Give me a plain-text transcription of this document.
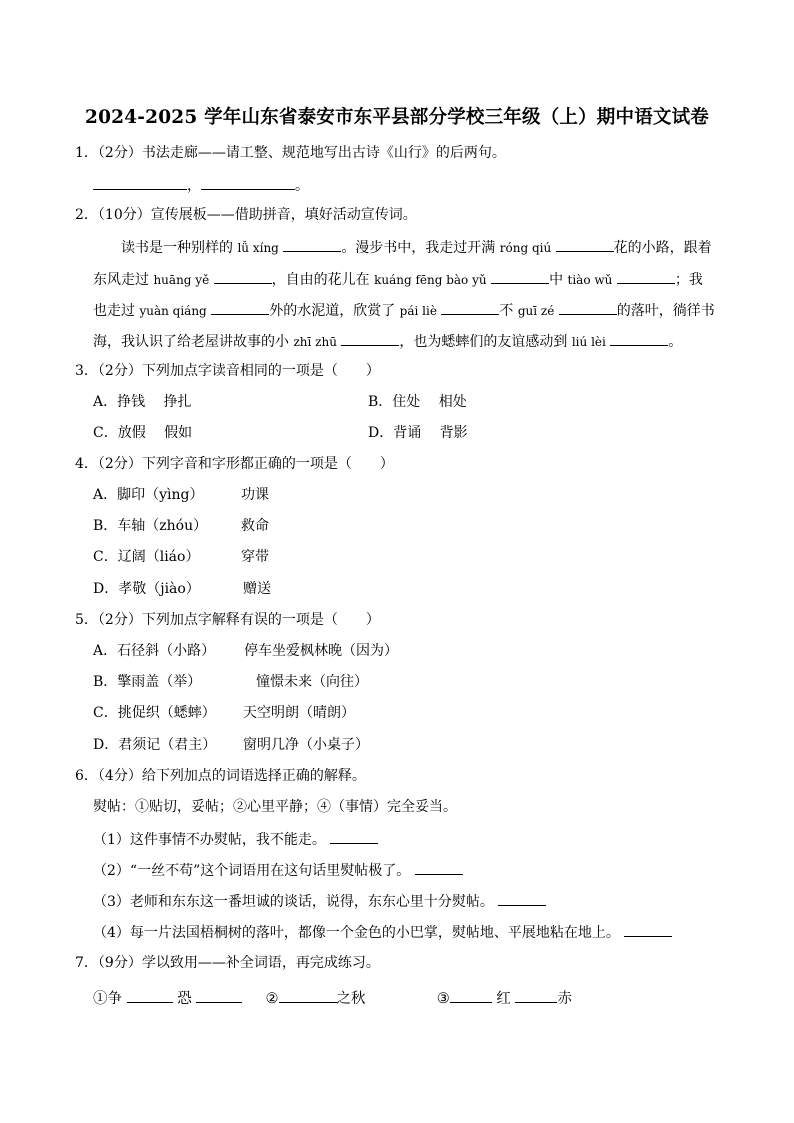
2024-2025 学年山东省泰安市东平县部分学校三年级（上）期中语文试卷
1．（2分）书法走廊——请工整、规范地写出古诗《山行》的后两句。
，	。
2．（10分）宣传展板——借助拼音，填好活动宣传词。
读书是一种别样的 lǚ xíng	。漫步书中，我走过开满 róng qiú	花的小路，跟着
东风走过 huāng yě	，自由的花儿在 kuáng fēng bào yǔ	中 tiào wǔ	；我
也走过 yuàn qiáng	外的水泥道，欣赏了 pái liè	不 guī zé	的落叶，徜徉书
海，我认识了给老屋讲故事的小 zhī zhū	，也为蟋蟀们的友谊感动到 liú lèi	。
3．（2分）下列加点字读音相同的一项是（　　）
A．挣钱　 挣扎	B．住处　 相处
C．放假　 假如	D．背诵　 背影
4．（2分）下列字音和字形都正确的一项是（　　）
A．脚印（yìng）	功课
B．车轴（zhóu） 救命
C．辽阔（liáo）	穿带
D．孝敬（jiào）	赠送
5．（2分）下列加点字解释有误的一项是（　　）
A．石径斜（小路） 停车坐爱枫林晚（因为）
B．擎雨盖（举）	憧憬未来（向往）
C．挑促织（蟋蟀） 天空明朗（晴朗）
D．君须记（君主） 窗明几净（小桌子）
6．（4分）给下列加点的词语选择正确的解释。
熨帖：①贴切，妥帖；②心里平静；④（事情）完全妥当。
（1）这件事情不办熨帖，我不能走。
（2）“一丝不苟”这个词语用在这句话里熨帖极了。
（3）老师和东东这一番坦诚的谈话，说得，东东心里十分熨帖。
（4）每一片法国梧桐树的落叶，都像一个金色的小巴掌，熨帖地、平展地粘在地上。
7．（9分）学以致用——补全词语，再完成练习。
①争	恐	②	之秋	③	红	赤
